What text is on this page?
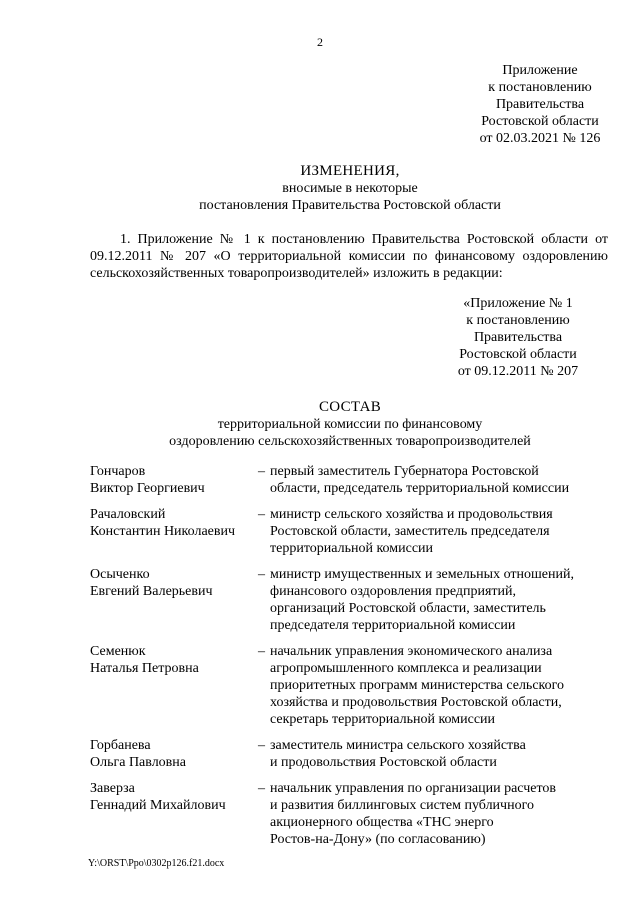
2
Приложение
к постановлению
Правительства
Ростовской области
от 02.03.2021 № 126
ИЗМЕНЕНИЯ,
вносимые в некоторые
постановления Правительства Ростовской области
1. Приложение № 1 к постановлению Правительства Ростовской области от 09.12.2011 № 207 «О территориальной комиссии по финансовому оздоровлению сельскохозяйственных товаропроизводителей» изложить в редакции:
«Приложение № 1
к постановлению
Правительства
Ростовской области
от 09.12.2011 № 207
СОСТАВ
территориальной комиссии по финансовому
оздоровлению сельскохозяйственных товаропроизводителей
Гончаров
Виктор Георгиевич
– первый заместитель Губернатора Ростовской

области, председатель территориальной комиссии

Рачаловский
Константин Николаевич
– министр сельского хозяйства и продовольствия

Ростовской области, заместитель председателя

территориальной комиссии

Осыченко
Евгений Валерьевич
– министр имущественных и земельных отношений,

финансового оздоровления предприятий,

организаций Ростовской области, заместитель

председателя территориальной комиссии

Семенюк
Наталья Петровна
– начальник управления экономического анализа

агропромышленного комплекса и реализации

приоритетных программ министерства сельского

хозяйства и продовольствия Ростовской области,

секретарь территориальной комиссии

Горбанева
Ольга Павловна
– заместитель министра сельского хозяйства

и продовольствия Ростовской области

Заверза
Геннадий Михайлович
– начальник управления по организации расчетов

и развития биллинговых систем публичного

акционерного общества «ТНС энерго

Ростов-на-Дону» (по согласованию)

Y:\ORST\Ppo\0302p126.f21.docx
